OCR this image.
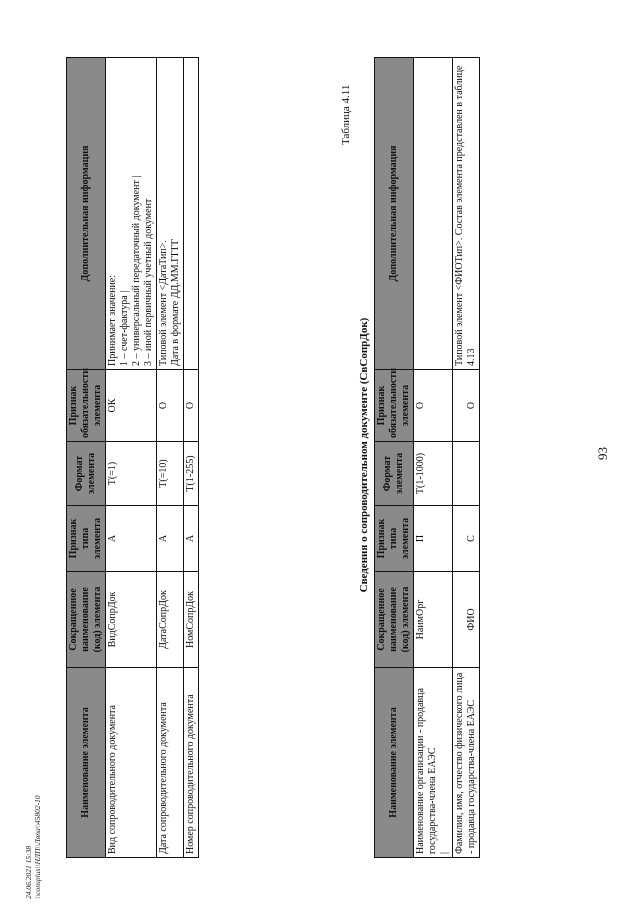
24.06.2021 15:38 \\consplus\\НЛП\\Ляпа\\45802-10
Наименование элемента	Сокращенное наименование (код) элемента	Признак типа элемента	Формат элемента	Признак обязательности элемента	Дополнительная информация
Наименование организации - продавца государства-члена ЕАЭС |	НаимОрг	П	T(1-1000)	О	
Фамилия, имя, отчество физического лица - продавца государства-члена ЕАЭС	ФИО	С		О	Типовой элемент <ФИОТип>. Состав элемента представлен в таблице 4.13
Таблица 4.11
Сведения о сопроводительном документе (СвСопрДок)
Наименование элемента	Сокращенное наименование (код) элемента	Признак типа элемента	Формат элемента	Признак обязательности элемента	Дополнительная информация
Вид сопроводительного документа	ВидСопрДок	А	T(=1)	ОК	Принимает значение: 1 – счет-фактура | 2 – универсальный передаточный документ | 3 – иной первичный учетный документ

Дата сопроводительного документа	ДатаСопрДок	А	T(=10)	О	Типовой элемент <ДатаТип>. Дата в формате ДД.ММ.ГГГГ

Номер сопроводительного документа	НомСопрДок	А	T(1-255)	О	
93
